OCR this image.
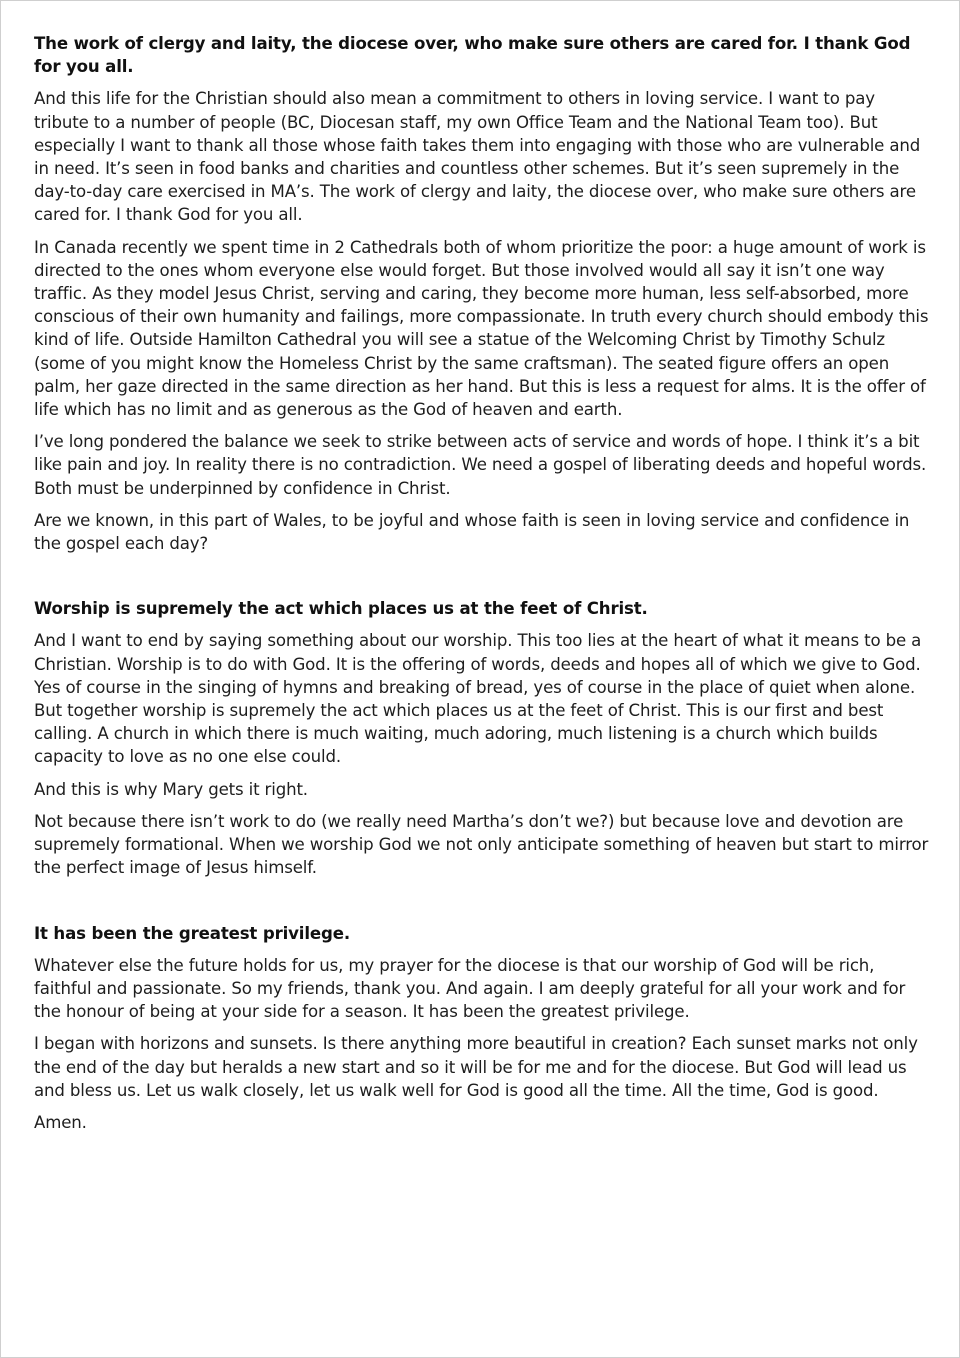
The work of clergy and laity, the diocese over, who make sure others are cared for. I thank God for you all.

And this life for the Christian should also mean a commitment to others in loving service. I want to pay tribute to a number of people (BC, Diocesan staff, my own Office Team and the National Team too). But especially I want to thank all those whose faith takes them into engaging with those who are vulnerable and in need. It’s seen in food banks and charities and countless other schemes. But it’s seen supremely in the day-to-day care exercised in MA’s. The work of clergy and laity, the diocese over, who make sure others are cared for. I thank God for you all.

In Canada recently we spent time in 2 Cathedrals both of whom prioritize the poor: a huge amount of work is directed to the ones whom everyone else would forget. But those involved would all say it isn’t one way traffic. As they model Jesus Christ, serving and caring, they become more human, less self-absorbed, more conscious of their own humanity and failings, more compassionate. In truth every church should embody this kind of life. Outside Hamilton Cathedral you will see a statue of the Welcoming Christ by Timothy Schulz (some of you might know the Homeless Christ by the same craftsman). The seated figure offers an open palm, her gaze directed in the same direction as her hand. But this is less a request for alms. It is the offer of life which has no limit and as generous as the God of heaven and earth.

I’ve long pondered the balance we seek to strike between acts of service and words of hope. I think it’s a bit like pain and joy. In reality there is no contradiction. We need a gospel of liberating deeds and hopeful words. Both must be underpinned by confidence in Christ.

Are we known, in this part of Wales, to be joyful and whose faith is seen in loving service and confidence in the gospel each day?

Worship is supremely the act which places us at the feet of Christ.

And I want to end by saying something about our worship. This too lies at the heart of what it means to be a Christian. Worship is to do with God. It is the offering of words, deeds and hopes all of which we give to God. Yes of course in the singing of hymns and breaking of bread, yes of course in the place of quiet when alone. But together worship is supremely the act which places us at the feet of Christ. This is our first and best calling. A church in which there is much waiting, much adoring, much listening is a church which builds capacity to love as no one else could.

And this is why Mary gets it right.

Not because there isn’t work to do (we really need Martha’s don’t we?) but because love and devotion are supremely formational. When we worship God we not only anticipate something of heaven but start to mirror the perfect image of Jesus himself.

It has been the greatest privilege.

Whatever else the future holds for us, my prayer for the diocese is that our worship of God will be rich, faithful and passionate. So my friends, thank you. And again. I am deeply grateful for all your work and for the honour of being at your side for a season. It has been the greatest privilege.

I began with horizons and sunsets. Is there anything more beautiful in creation? Each sunset marks not only the end of the day but heralds a new start and so it will be for me and for the diocese. But God will lead us and bless us. Let us walk closely, let us walk well for God is good all the time. All the time, God is good.

Amen.
